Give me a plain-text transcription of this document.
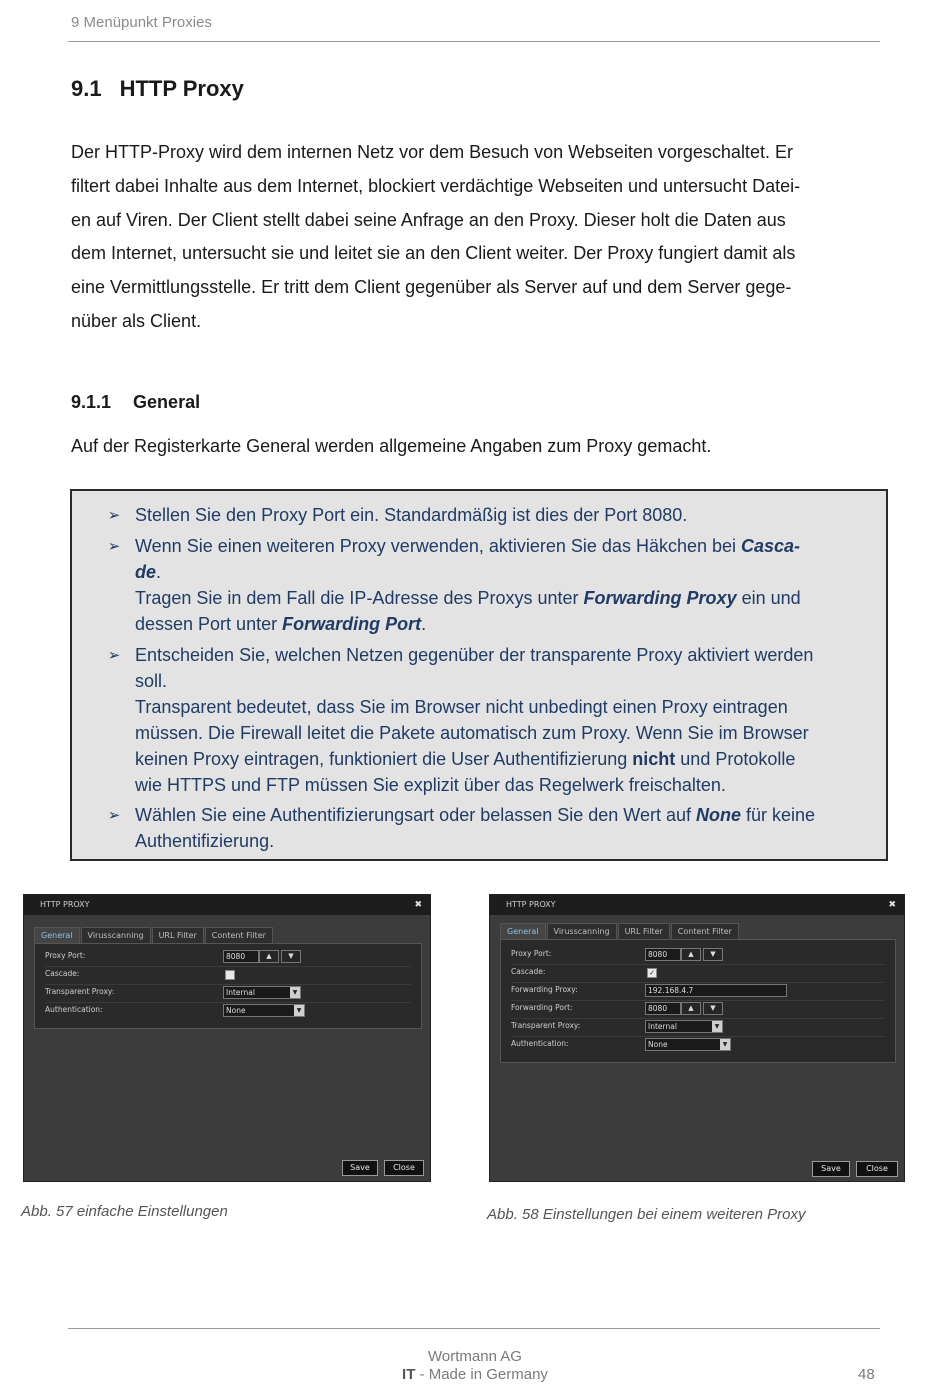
9 Menüpunkt Proxies
9.1 HTTP Proxy
Der HTTP-Proxy wird dem internen Netz vor dem Besuch von Webseiten vorgeschaltet. Er
filtert dabei Inhalte aus dem Internet, blockiert verdächtige Webseiten und untersucht Datei-
en auf Viren. Der Client stellt dabei seine Anfrage an den Proxy. Dieser holt die Daten aus
dem Internet, untersucht sie und leitet sie an den Client weiter. Der Proxy fungiert damit als
eine Vermittlungsstelle. Er tritt dem Client gegenüber als Server auf und dem Server gege-
nüber als Client.
9.1.1 General
Auf der Registerkarte General werden allgemeine Angaben zum Proxy gemacht.
➢ Stellen Sie den Proxy Port ein. Standardmäßig ist dies der Port 8080.
➢ Wenn Sie einen weiteren Proxy verwenden, aktivieren Sie das Häkchen bei Casca-
de.
Tragen Sie in dem Fall die IP-Adresse des Proxys unter Forwarding Proxy ein und
dessen Port unter Forwarding Port.
➢ Entscheiden Sie, welchen Netzen gegenüber der transparente Proxy aktiviert werden
soll.
Transparent bedeutet, dass Sie im Browser nicht unbedingt einen Proxy eintragen
müssen. Die Firewall leitet die Pakete automatisch zum Proxy. Wenn Sie im Browser
keinen Proxy eintragen, funktioniert die User Authentifizierung nicht und Protokolle
wie HTTPS und FTP müssen Sie explizit über das Regelwerk freischalten.
➢ Wählen Sie eine Authentifizierungsart oder belassen Sie den Wert auf None für keine
Authentifizierung.
HTTP PROXY	✖
General	Virusscanning	URL Filter	Content Filter
Proxy Port:	8080	▲	▼
Cascade:
Transparent Proxy:	Internal	▼
Authentication:	None	▼
Save	Close
Abb. 57 einfache Einstellungen
HTTP PROXY	✖
General	Virusscanning	URL Filter	Content Filter
Proxy Port:	8080	▲	▼
Cascade:	✓
Forwarding Proxy:	192.168.4.7
Forwarding Port:	8080	▲	▼
Transparent Proxy:	Internal	▼
Authentication:	None	▼
Save	Close
Abb. 58 Einstellungen bei einem weiteren Proxy
Wortmann AG
IT - Made in Germany	48
